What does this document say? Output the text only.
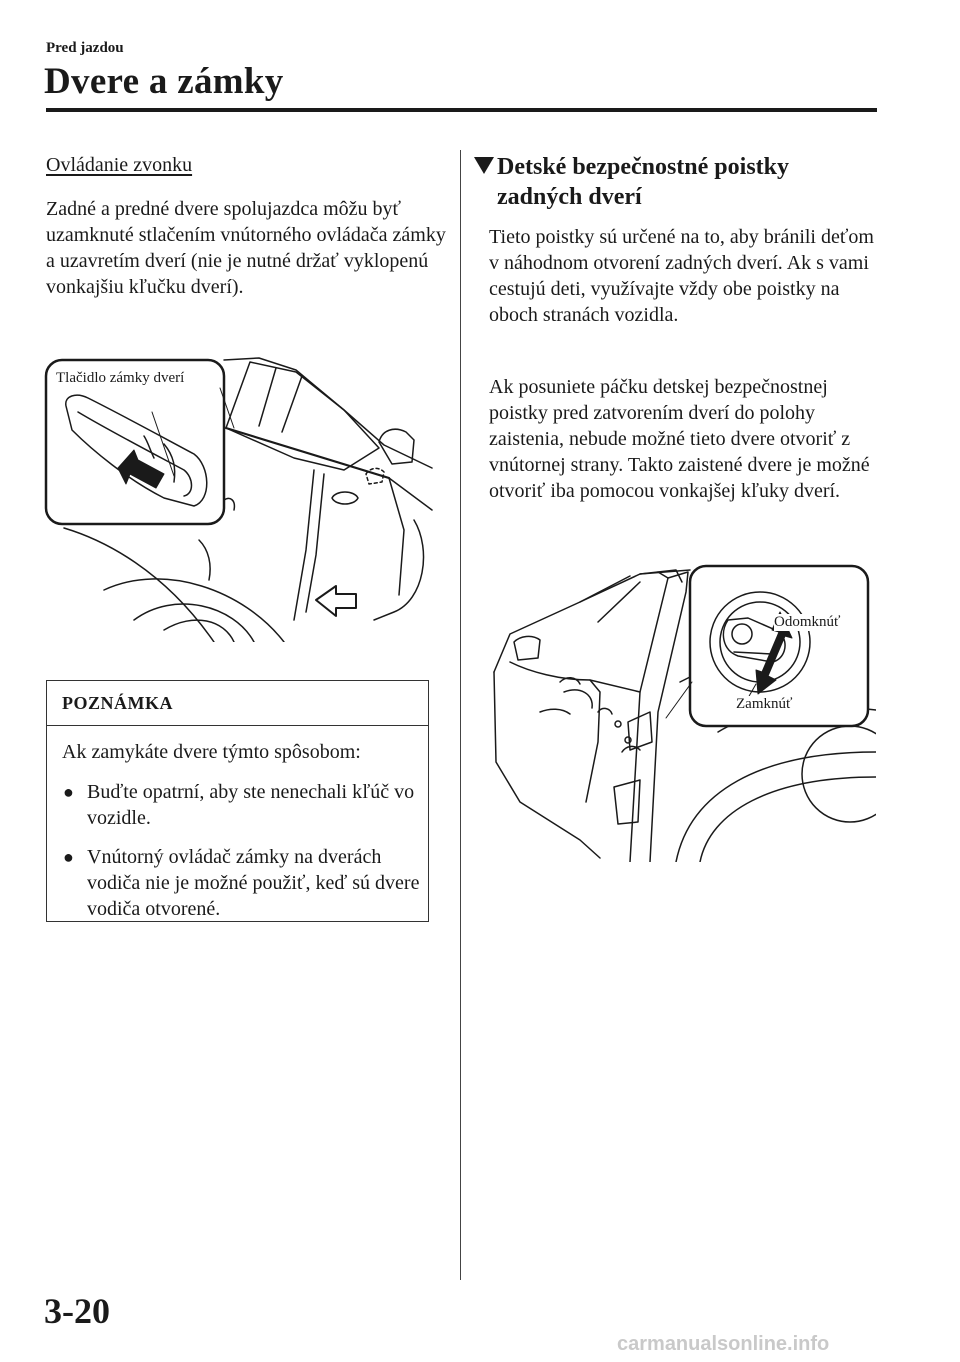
Pred jazdou
Dvere a zámky
Ovládanie zvonku
Zadné a predné dvere spolujazdca môžu byť uzamknuté stlačením vnútorného ovládača zámky a uzavretím dverí (nie je nutné držať vyklopenú vonkajšiu kľučku dverí).
Tlačidlo zámky dverí
POZNÁMKA
Ak zamykáte dvere týmto spôsobom:
● Buďte opatrní, aby ste nenechali kľúč vo vozidle.
● Vnútorný ovládač zámky na dverách vodiča nie je možné použiť, keď sú dvere vodiča otvorené.
Detské bezpečnostné poistky zadných dverí
Tieto poistky sú určené na to, aby bránili deťom v náhodnom otvorení zadných dverí. Ak s vami cestujú deti, využívajte vždy obe poistky na oboch stranách vozidla.
Ak posuniete páčku detskej bezpečnostnej poistky pred zatvorením dverí do polohy zaistenia, nebude možné tieto dvere otvoriť z vnútornej strany. Takto zaistené dvere je možné otvoriť iba pomocou vonkajšej kľuky dverí.
Odomknúť
Zamknúť
3-20
carmanualsonline.info
